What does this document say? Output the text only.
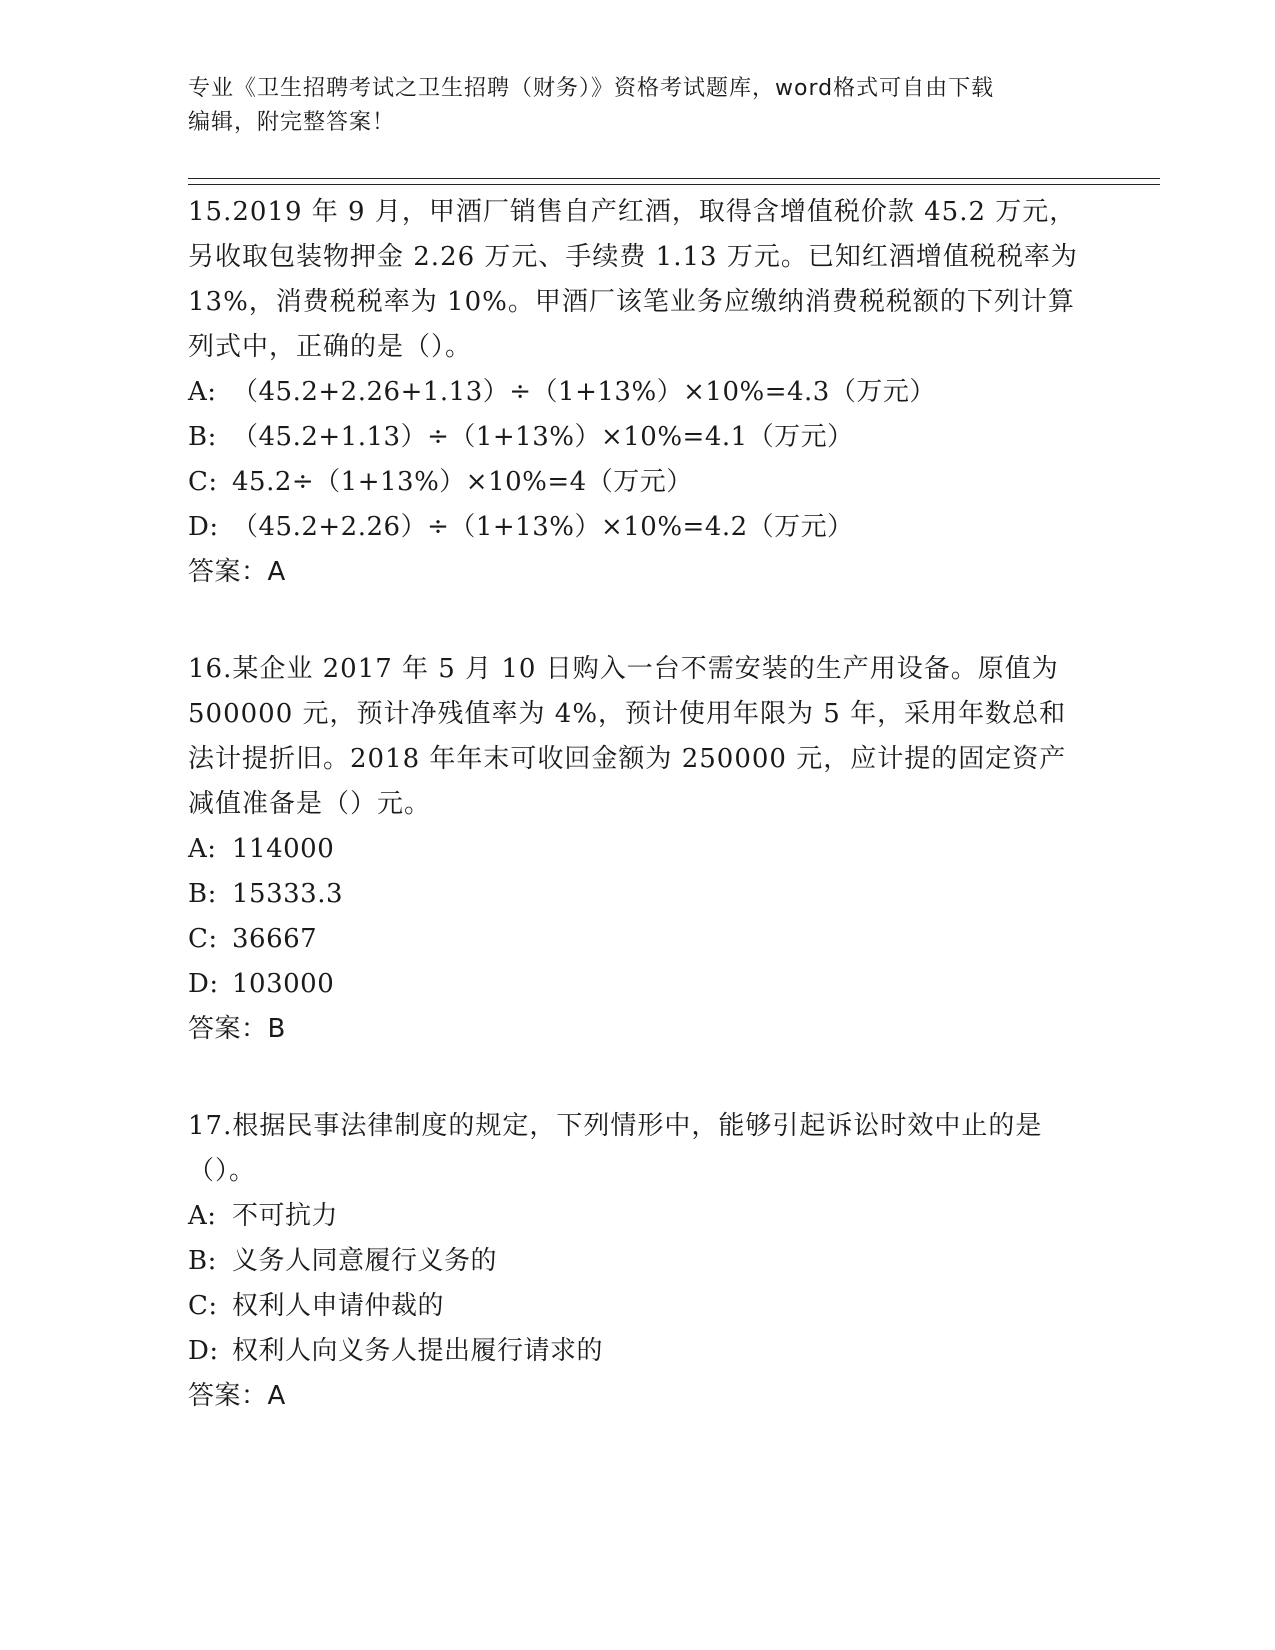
专业《卫生招聘考试之卫生招聘（财务）》资格考试题库，word格式可自由下载
编辑，附完整答案！
15.2019 年 9 月，甲酒厂销售自产红酒，取得含增值税价款 45.2 万元，另收取包装物押金 2.26 万元、手续费 1.13 万元。已知红酒增值税税率为 13%，消费税税率为 10%。甲酒厂该笔业务应缴纳消费税税额的下列计算列式中，正确的是（）。
A: （45.2+2.26+1.13）÷（1+13%）×10%=4.3（万元）
B: （45.2+1.13）÷（1+13%）×10%=4.1（万元）
C: 45.2÷（1+13%）×10%=4（万元）
D: （45.2+2.26）÷（1+13%）×10%=4.2（万元）
答案：A
16.某企业 2017 年 5 月 10 日购入一台不需安装的生产用设备。原值为 500000 元，预计净残值率为 4%，预计使用年限为 5 年，采用年数总和法计提折旧。2018 年年末可收回金额为 250000 元，应计提的固定资产减值准备是（）元。
A: 114000
B: 15333.3
C: 36667
D: 103000
答案：B
17.根据民事法律制度的规定，下列情形中，能够引起诉讼时效中止的是（）。
A: 不可抗力
B: 义务人同意履行义务的
C: 权利人申请仲裁的
D: 权利人向义务人提出履行请求的
答案：A
